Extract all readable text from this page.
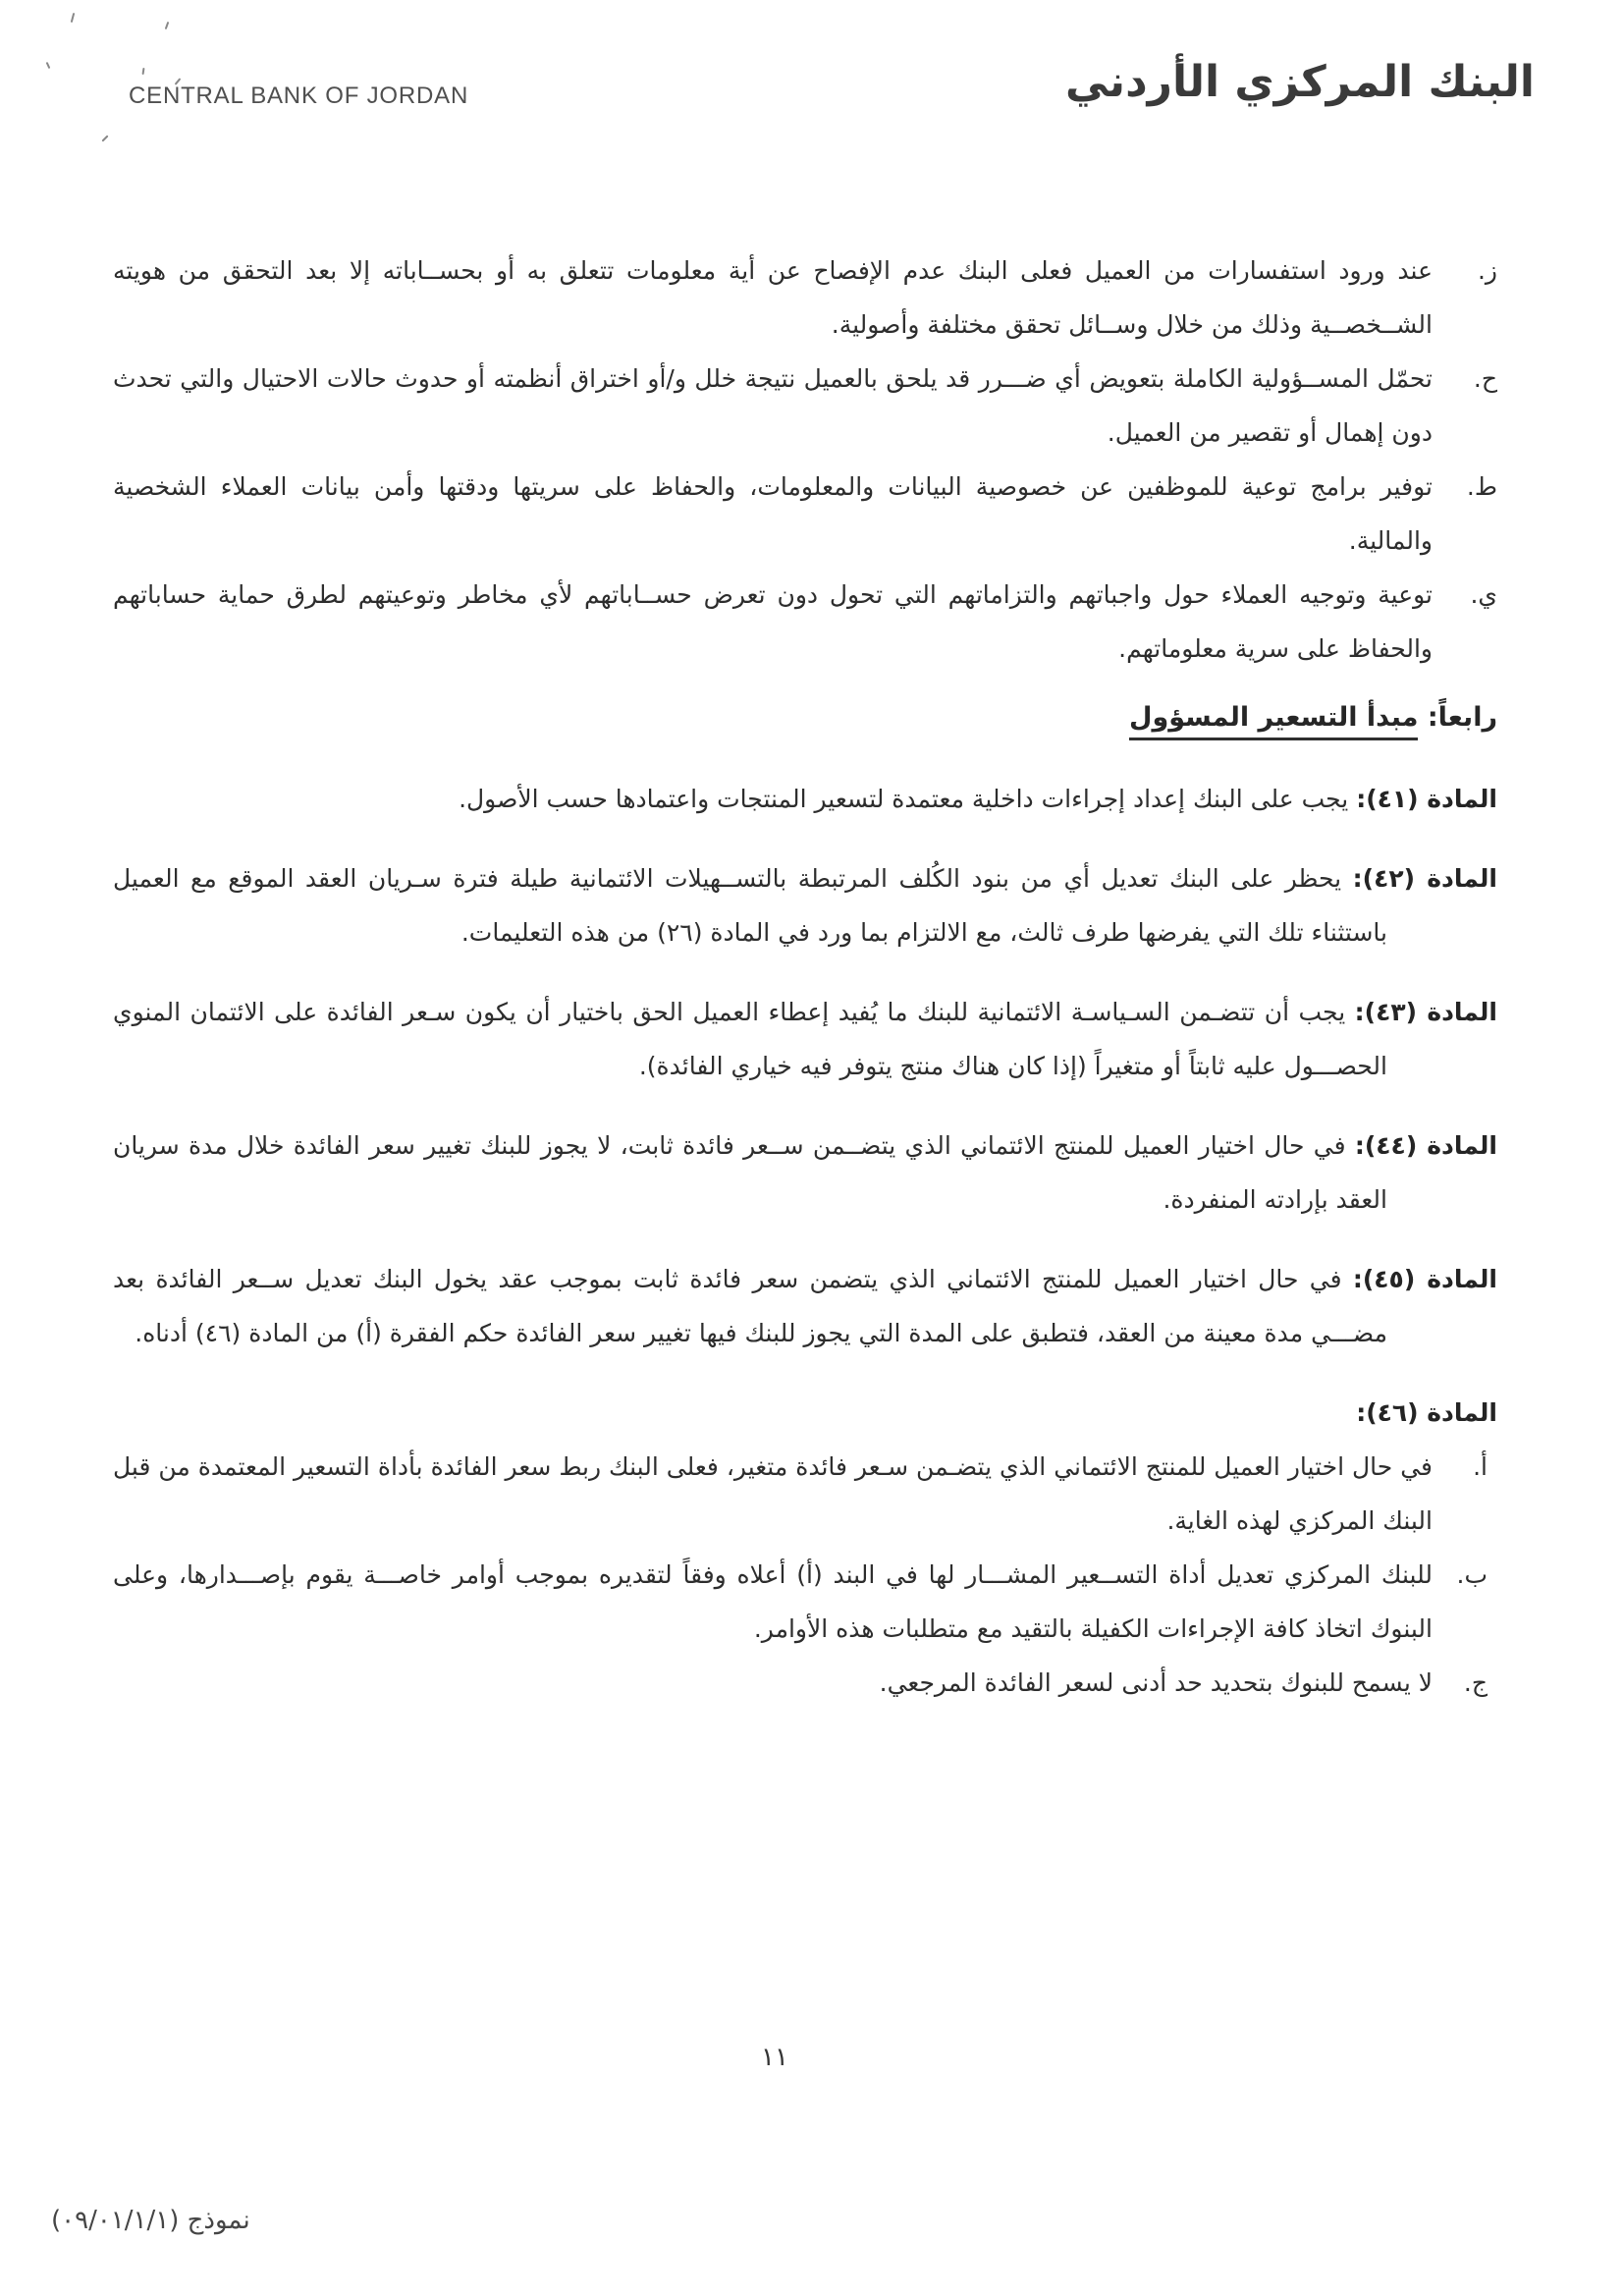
CENTRAL BANK OF JORDAN	البنك المركزي الأردني
ز.
عند ورود استفسارات من العميل فعلى البنك عدم الإفصاح عن أية معلومات تتعلق به أو بحســاباته إلا بعد التحقق من هويته الشــخصــية وذلك من خلال وســائل تحقق مختلفة وأصولية.
ح.
تحمّل المســؤولية الكاملة بتعويض أي ضـــرر قد يلحق بالعميل نتيجة خلل و/أو اختراق أنظمته أو حدوث حالات الاحتيال والتي تحدث دون إهمال أو تقصير من العميل.
ط.
توفير برامج توعية للموظفين عن خصوصية البيانات والمعلومات، والحفاظ على سريتها ودقتها وأمن بيانات العملاء الشخصية والمالية.
ي.
توعية وتوجيه العملاء حول واجباتهم والتزاماتهم التي تحول دون تعرض حســاباتهم لأي مخاطر وتوعيتهم لطرق حماية حساباتهم والحفاظ على سرية معلوماتهم.
رابعاً: مبدأ التسعير المسؤول

المادة (٤١): يجب على البنك إعداد إجراءات داخلية معتمدة لتسعير المنتجات واعتمادها حسب الأصول.

المادة (٤٢): يحظر على البنك تعديل أي من بنود الكُلف المرتبطة بالتســهيلات الائتمانية طيلة فترة سـريان العقد الموقع مع العميل باستثناء تلك التي يفرضها طرف ثالث، مع الالتزام بما ورد في المادة (٢٦) من هذه التعليمات.

المادة (٤٣): يجب أن تتضـمن السـياسـة الائتمانية للبنك ما يُفيد إعطاء العميل الحق باختيار أن يكون سـعر الفائدة على الائتمان المنوي الحصـــول عليه ثابتاً أو متغيراً (إذا كان هناك منتج يتوفر فيه خياري الفائدة).

المادة (٤٤): في حال اختيار العميل للمنتج الائتماني الذي يتضــمن ســعر فائدة ثابت، لا يجوز للبنك تغيير سعر الفائدة خلال مدة سريان العقد بإرادته المنفردة.

المادة (٤٥): في حال اختيار العميل للمنتج الائتماني الذي يتضمن سعر فائدة ثابت بموجب عقد يخول البنك تعديل ســعر الفائدة بعد مضـــي مدة معينة من العقد، فتطبق على المدة التي يجوز للبنك فيها تغيير سعر الفائدة حكم الفقرة (أ) من المادة (٤٦) أدناه.

المادة (٤٦):

أ.
في حال اختيار العميل للمنتج الائتماني الذي يتضـمن سـعر فائدة متغير، فعلى البنك ربط سعر الفائدة بأداة التسعير المعتمدة من قبل البنك المركزي لهذه الغاية.
ب.
للبنك المركزي تعديل أداة التســعير المشـــار لها في البند (أ) أعلاه وفقاً لتقديره بموجب أوامر خاصـــة يقوم بإصـــدارها، وعلى البنوك اتخاذ كافة الإجراءات الكفيلة بالتقيد مع متطلبات هذه الأوامر.
ج.
لا يسمح للبنوك بتحديد حد أدنى لسعر الفائدة المرجعي.
١١
نموذج (٠٩/٠١/١/١)
